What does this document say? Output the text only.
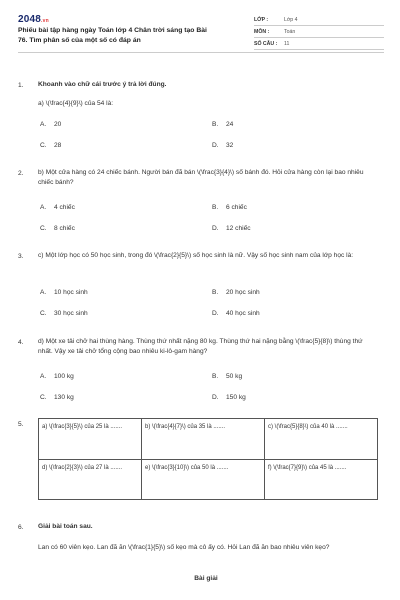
2048.vn
Phiếu bài tập hàng ngày Toán lớp 4 Chân trời sáng tạo Bài 76. Tìm phân số của một số có đáp án
LỚP :	Lớp 4
MÔN :	Toán
SỐ CÂU :	11
1. Khoanh vào chữ cái trước ý trả lời đúng.
a) \(\frac{4}{9}\) của 54 là:
A. 20	B. 24
C. 28	D. 32
2. b) Một cửa hàng có 24 chiếc bánh. Người bán đã bán \(\frac{3}{4}\) số bánh đó. Hỏi cửa hàng còn lại bao nhiêu chiếc bánh?
A. 4 chiếc	B. 6 chiếc
C. 8 chiếc	D. 12 chiếc
3. c) Một lớp học có 50 học sinh, trong đó \(\frac{2}{5}\) số học sinh là nữ. Vậy số học sinh nam của lớp học là:
A. 10 học sinh	B. 20 học sinh
C. 30 học sinh	D. 40 học sinh
4. d) Một xe tải chở hai thùng hàng. Thùng thứ nhất nặng 80 kg. Thùng thứ hai nặng bằng \(\frac{5}{8}\) thùng thứ nhất. Vậy xe tải chở tổng cộng bao nhiêu ki-lô-gam hàng?
A. 100 kg	B. 50 kg
C. 130 kg	D. 150 kg
5.	a) \(\frac{3}{5}\) của 25 là .......	b) \(\frac{4}{7}\) của 35 là .......	c) \(\frac{5}{8}\) của 40 là .......
d) \(\frac{2}{3}\) của 27 là .......	e) \(\frac{3}{10}\) của 50 là .......	f) \(\frac{7}{9}\) của 45 là .......
6. Giải bài toán sau.
Lan có 60 viên kẹo. Lan đã ăn \(\frac{1}{5}\) số kẹo mà cô ấy có. Hỏi Lan đã ăn bao nhiêu viên kẹo?
Bài giải
